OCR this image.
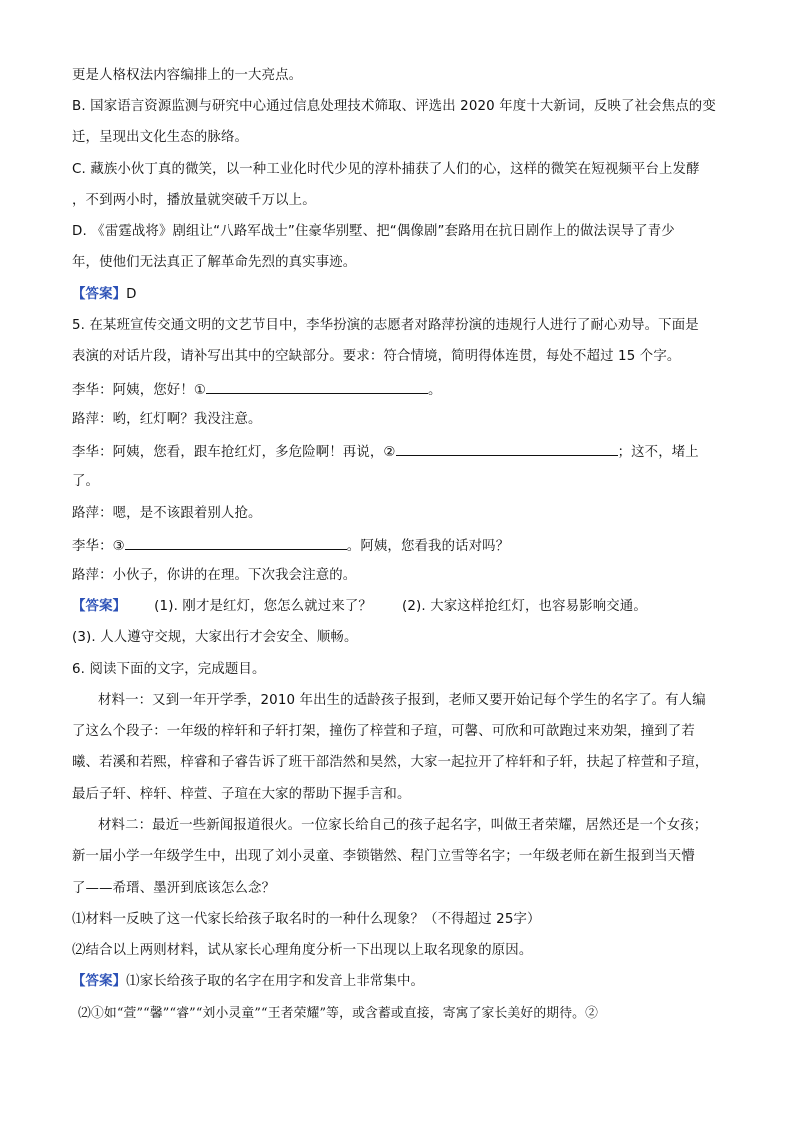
更是人格权法内容编排上的一大亮点。
B. 国家语言资源监测与研究中心通过信息处理技术筛取、评选出 2020 年度十大新词，反映了社会焦点的变
迁，呈现出文化生态的脉络。
C. 藏族小伙丁真的微笑，以一种工业化时代少见的淳朴捕获了人们的心，这样的微笑在短视频平台上发酵
，不到两小时，播放量就突破千万以上。
D. 《雷霆战将》剧组让“八路军战士”住豪华别墅、把“偶像剧”套路用在抗日剧作上的做法误导了青少
年，使他们无法真正了解革命先烈的真实事迹。
【答案】D
5. 在某班宣传交通文明的文艺节目中，李华扮演的志愿者对路萍扮演的违规行人进行了耐心劝导。下面是
表演的对话片段，请补写出其中的空缺部分。要求：符合情境，简明得体连贯，每处不超过 15 个字。
李华：阿姨，您好！①	。
路萍：哟，红灯啊？我没注意。
李华：阿姨，您看，跟车抢红灯，多危险啊！再说，②	；这不，堵上
了。
路萍：嗯，是不该跟着别人抢。
李华：③	。阿姨，您看我的话对吗？
路萍：小伙子，你讲的在理。下次我会注意的。
【答案】 (1). 刚才是红灯，您怎么就过来了？ (2). 大家这样抢红灯，也容易影响交通。
(3). 人人遵守交规，大家出行才会安全、顺畅。
6. 阅读下面的文字，完成题目。
材料一：又到一年开学季，2010 年出生的适龄孩子报到，老师又要开始记每个学生的名字了。有人编
了这么个段子：一年级的梓轩和子轩打架，撞伤了梓萱和子瑄，可馨、可欣和可歆跑过来劝架，撞到了若
曦、若溪和若熙，梓睿和子睿告诉了班干部浩然和昊然，大家一起拉开了梓轩和子轩，扶起了梓萱和子瑄，
最后子轩、梓轩、梓萱、子瑄在大家的帮助下握手言和。
材料二：最近一些新闻报道很火。一位家长给自己的孩子起名字，叫做王者荣耀，居然还是一个女孩；
新一届小学一年级学生中，出现了刘小灵童、李锁锴然、程门立雪等名字；一年级老师在新生报到当天懵
了——希瑨、墨汧到底该怎么念？
⑴材料一反映了这一代家长给孩子取名时的一种什么现象？（不得超过 25字）
⑵结合以上两则材料，试从家长心理角度分析一下出现以上取名现象的原因。
【答案】⑴家长给孩子取的名字在用字和发音上非常集中。
⑵①如“萱”“馨”“睿”“刘小灵童”“王者荣耀”等，或含蓄或直接，寄寓了家长美好的期待。②
